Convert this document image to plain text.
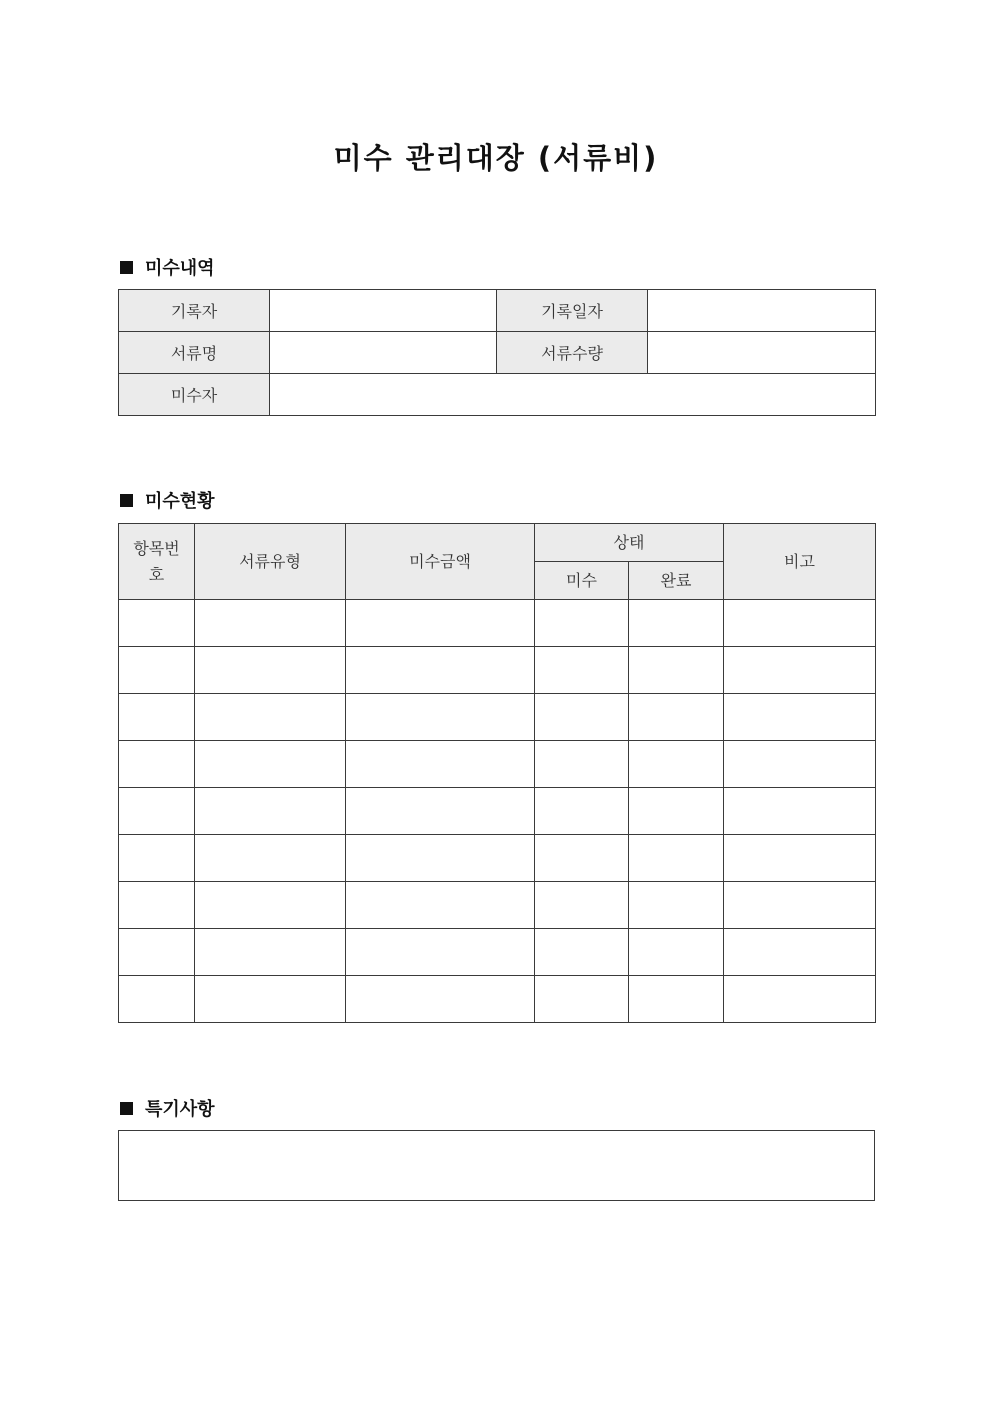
미수 관리대장 (서류비)
미수내역
기록자		기록일자	
서류명		서류수량	
미수자			
미수현황
항목번호	서류유형	미수금액	상태		비고
			미수	완료	

특기사항
